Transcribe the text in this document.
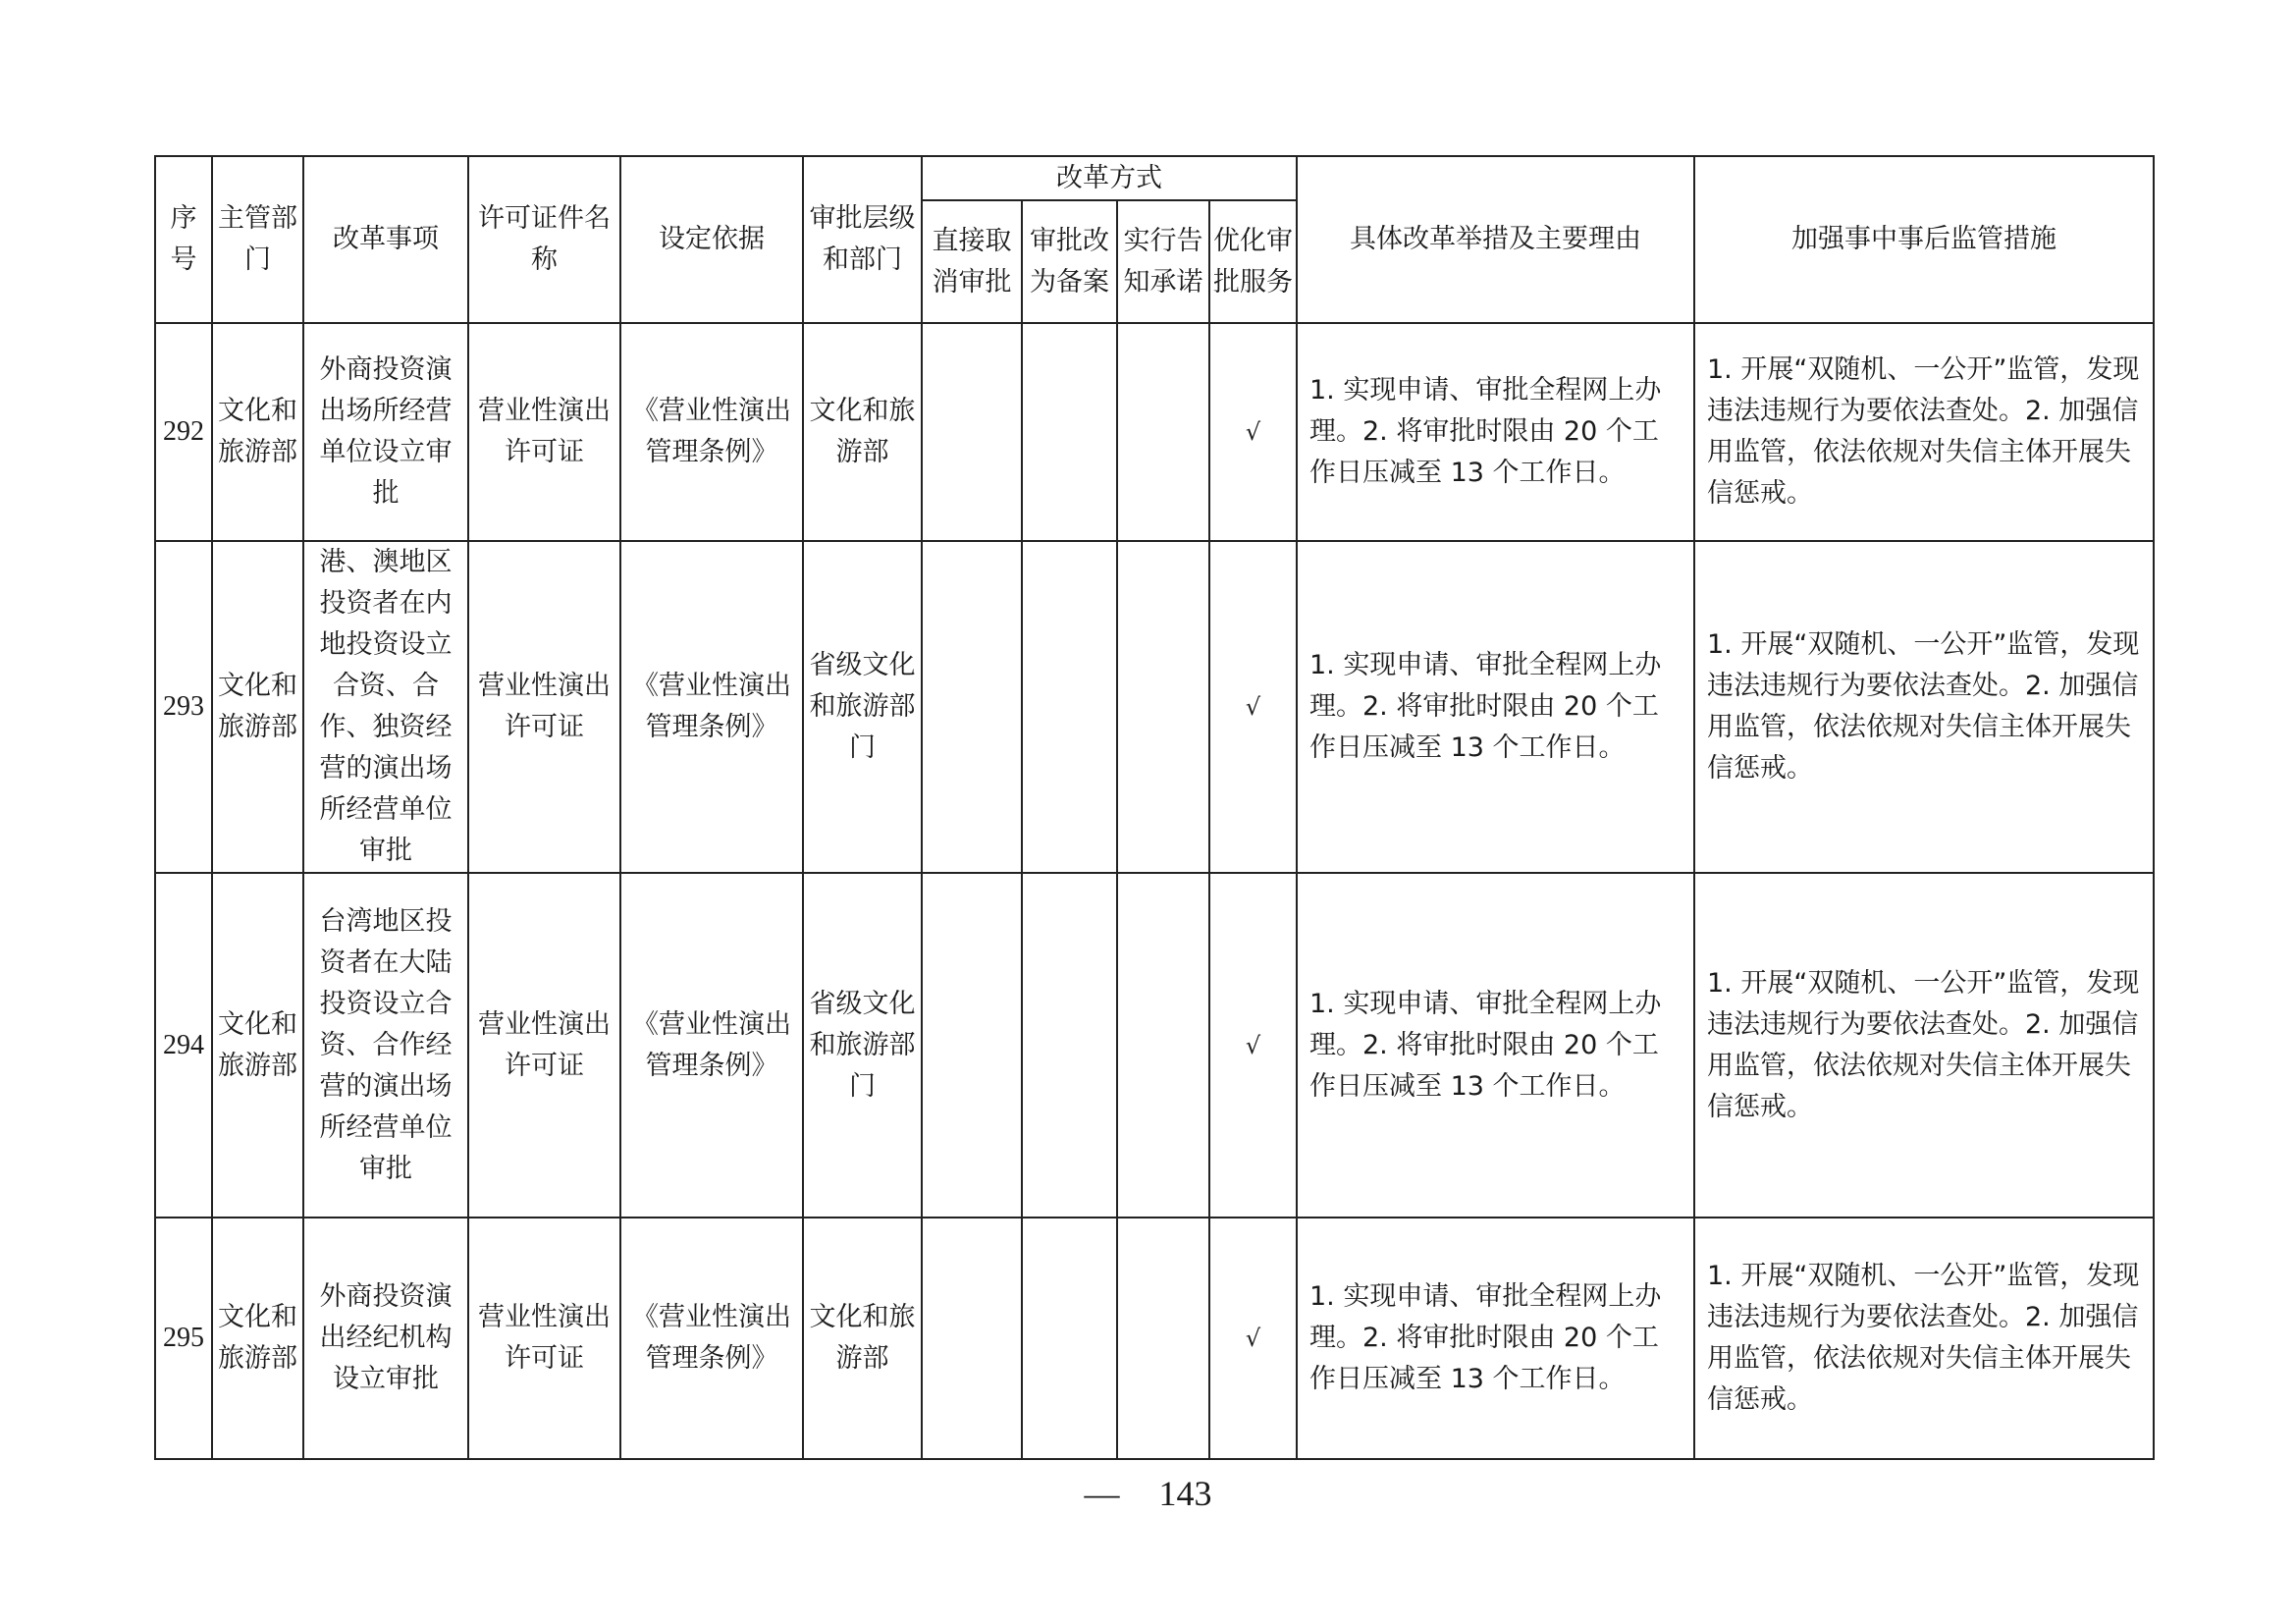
序号	主管部门	改革事项	许可证件名称	设定依据	审批层级和部门	改革方式				具体改革举措及主要理由	加强事中事后监管措施
						直接取消审批	审批改为备案	实行告知承诺	优化审批服务		
292	文化和旅游部	外商投资演出场所经营单位设立审批	营业性演出许可证	《营业性演出管理条例》	文化和旅游部				√	1. 实现申请、审批全程网上办理。2. 将审批时限由 20 个工作日压减至 13 个工作日。	1. 开展“双随机、一公开”监管，发现违法违规行为要依法查处。2. 加强信用监管，依法依规对失信主体开展失信惩戒。
293	文化和旅游部	港、澳地区投资者在内地投资设立合资、合作、独资经营的演出场所经营单位审批	营业性演出许可证	《营业性演出管理条例》	省级文化和旅游部门				√	1. 实现申请、审批全程网上办理。2. 将审批时限由 20 个工作日压减至 13 个工作日。	1. 开展“双随机、一公开”监管，发现违法违规行为要依法查处。2. 加强信用监管，依法依规对失信主体开展失信惩戒。
294	文化和旅游部	台湾地区投资者在大陆投资设立合资、合作经营的演出场所经营单位审批	营业性演出许可证	《营业性演出管理条例》	省级文化和旅游部门				√	1. 实现申请、审批全程网上办理。2. 将审批时限由 20 个工作日压减至 13 个工作日。	1. 开展“双随机、一公开”监管，发现违法违规行为要依法查处。2. 加强信用监管，依法依规对失信主体开展失信惩戒。
295	文化和旅游部	外商投资演出经纪机构设立审批	营业性演出许可证	《营业性演出管理条例》	文化和旅游部				√	1. 实现申请、审批全程网上办理。2. 将审批时限由 20 个工作日压减至 13 个工作日。	1. 开展“双随机、一公开”监管，发现违法违规行为要依法查处。2. 加强信用监管，依法依规对失信主体开展失信惩戒。
— 143
